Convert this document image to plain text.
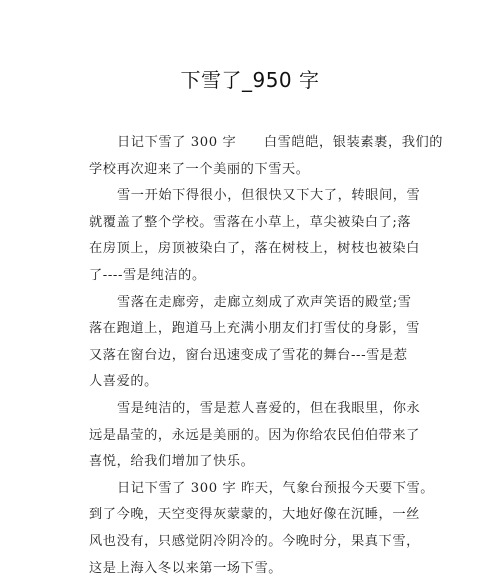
下雪了_950 字
日记下雪了 300 字　　白雪皑皑，银装素裹，我们的
学校再次迎来了一个美丽的下雪天。
雪一开始下得很小，但很快又下大了，转眼间，雪
就覆盖了整个学校。雪落在小草上，草尖被染白了;落
在房顶上，房顶被染白了，落在树枝上，树枝也被染白
了----雪是纯洁的。
雪落在走廊旁，走廊立刻成了欢声笑语的殿堂;雪
落在跑道上，跑道马上充满小朋友们打雪仗的身影，雪
又落在窗台边，窗台迅速变成了雪花的舞台---雪是惹
人喜爱的。
雪是纯洁的，雪是惹人喜爱的，但在我眼里，你永
远是晶莹的，永远是美丽的。因为你给农民伯伯带来了
喜悦，给我们增加了快乐。
日记下雪了 300 字 昨天，气象台预报今天要下雪。
到了今晚，天空变得灰蒙蒙的，大地好像在沉睡，一丝
风也没有，只感觉阴冷阴冷的。今晚时分，果真下雪，
这是上海入冬以来第一场下雪。
